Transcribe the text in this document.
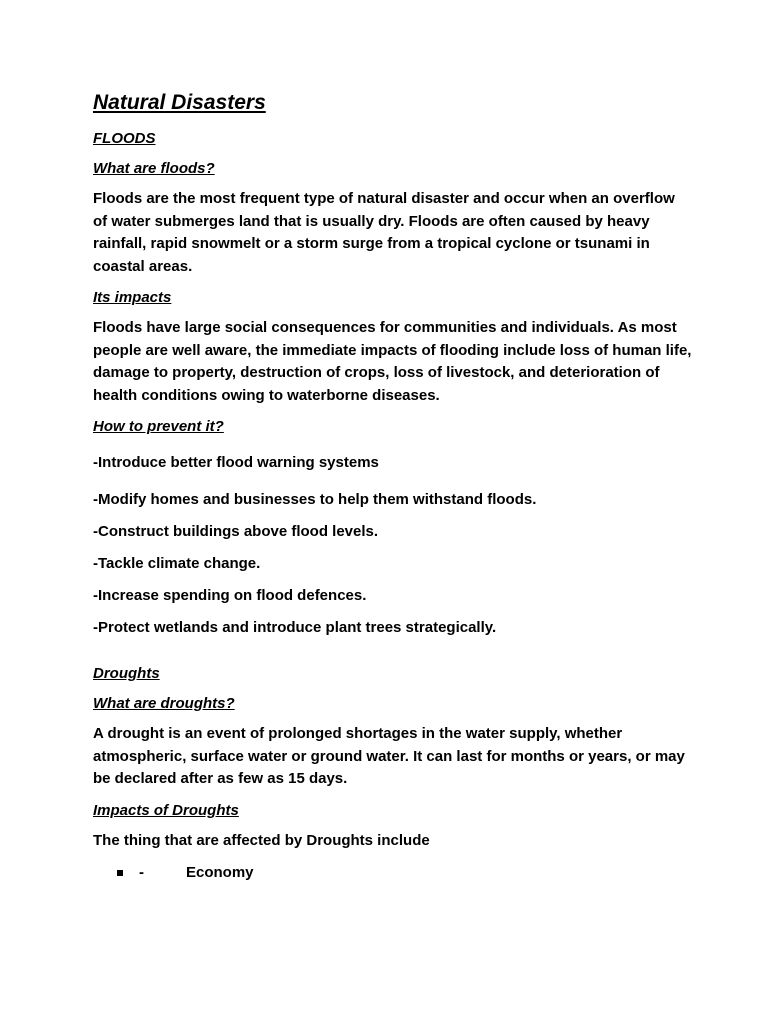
Natural Disasters
FLOODS
What are floods?
Floods are the most frequent type of natural disaster and occur when an overflow of water submerges land that is usually dry. Floods are often caused by heavy rainfall, rapid snowmelt or a storm surge from a tropical cyclone or tsunami in coastal areas.
Its impacts
Floods have large social consequences for communities and individuals. As most people are well aware, the immediate impacts of flooding include loss of human life, damage to property, destruction of crops, loss of livestock, and deterioration of health conditions owing to waterborne diseases.
How to prevent it?
-Introduce better flood warning systems
-Modify homes and businesses to help them withstand floods.
-Construct buildings above flood levels.
-Tackle climate change.
-Increase spending on flood defences.
-Protect wetlands and introduce plant trees strategically.
Droughts
What are droughts?
A drought is an event of prolonged shortages in the water supply, whether atmospheric, surface water or ground water. It can last for months or years, or may be declared after as few as 15 days.
Impacts of Droughts
The thing that are affected by Droughts include
-	Economy
